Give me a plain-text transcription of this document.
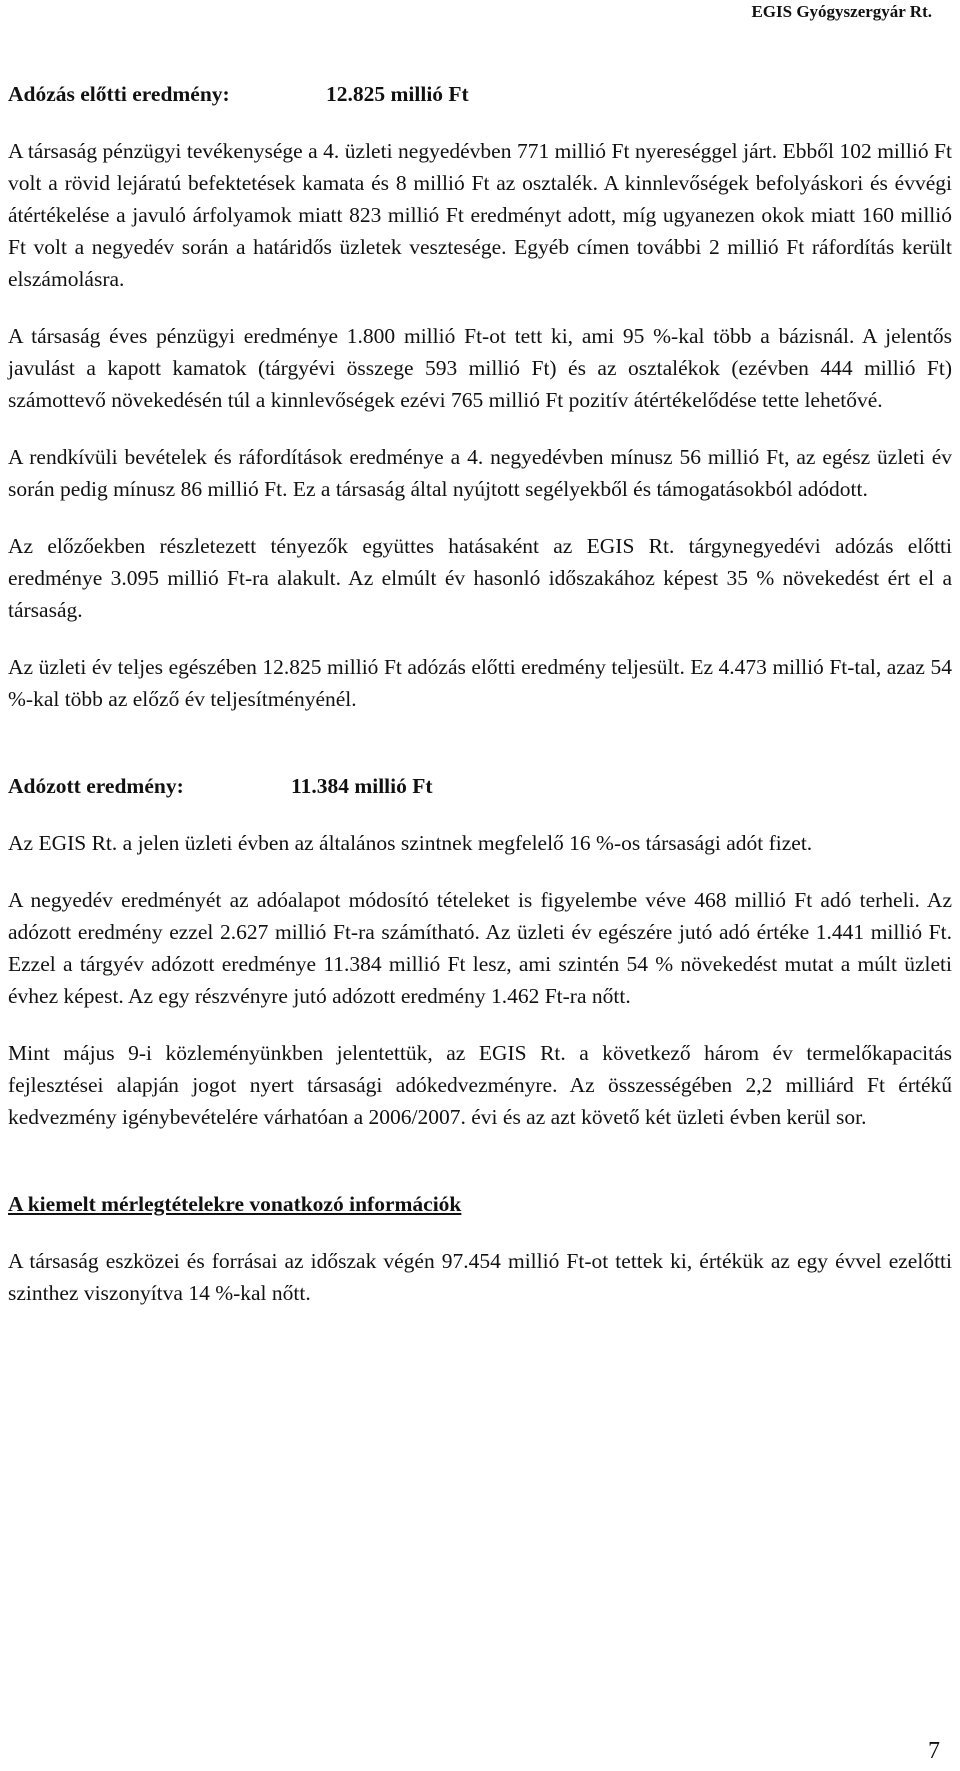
EGIS Gyógyszergyár Rt.
Adózás előtti eredmény:	12.825 millió Ft

A társaság pénzügyi tevékenysége a 4. üzleti negyedévben 771 millió Ft nyereséggel járt. Ebből 102 millió Ft volt a rövid lejáratú befektetések kamata és 8 millió Ft az osztalék. A kinnlevőségek befolyáskori és évvégi átértékelése a javuló árfolyamok miatt 823 millió Ft eredményt adott, míg ugyanezen okok miatt 160 millió Ft volt a negyedév során a határidős üzletek vesztesége. Egyéb címen további 2 millió Ft ráfordítás került elszámolásra.

A társaság éves pénzügyi eredménye 1.800 millió Ft-ot tett ki, ami 95 %-kal több a bázisnál. A jelentős javulást a kapott kamatok (tárgyévi összege 593 millió Ft) és az osztalékok (ezévben 444 millió Ft) számottevő növekedésén túl a kinnlevőségek ezévi 765 millió Ft pozitív átértékelődése tette lehetővé.

A rendkívüli bevételek és ráfordítások eredménye a 4. negyedévben mínusz 56 millió Ft, az egész üzleti év során pedig mínusz 86 millió Ft. Ez a társaság által nyújtott segélyekből és támogatásokból adódott.

Az előzőekben részletezett tényezők együttes hatásaként az EGIS Rt. tárgynegyedévi adózás előtti eredménye 3.095 millió Ft-ra alakult. Az elmúlt év hasonló időszakához képest 35 % növekedést ért el a társaság.

Az üzleti év teljes egészében 12.825 millió Ft adózás előtti eredmény teljesült. Ez 4.473 millió Ft-tal, azaz 54 %-kal több az előző év teljesítményénél.

Adózott eredmény:	11.384 millió Ft

Az EGIS Rt. a jelen üzleti évben az általános szintnek megfelelő 16 %-os társasági adót fizet.

A negyedév eredményét az adóalapot módosító tételeket is figyelembe véve 468 millió Ft adó terheli. Az adózott eredmény ezzel 2.627 millió Ft-ra számítható. Az üzleti év egészére jutó adó értéke 1.441 millió Ft. Ezzel a tárgyév adózott eredménye 11.384 millió Ft lesz, ami szintén 54 % növekedést mutat a múlt üzleti évhez képest. Az egy részvényre jutó adózott eredmény 1.462 Ft-ra nőtt.

Mint május 9-i közleményünkben jelentettük, az EGIS Rt. a következő három év termelőkapacitás fejlesztései alapján jogot nyert társasági adókedvezményre. Az összességében 2,2 milliárd Ft értékű kedvezmény igénybevételére várhatóan a 2006/2007. évi és az azt követő két üzleti évben kerül sor.

A kiemelt mérlegtételekre vonatkozó információk

A társaság eszközei és forrásai az időszak végén 97.454 millió Ft-ot tettek ki, értékük az egy évvel ezelőtti szinthez viszonyítva 14 %-kal nőtt.

7
